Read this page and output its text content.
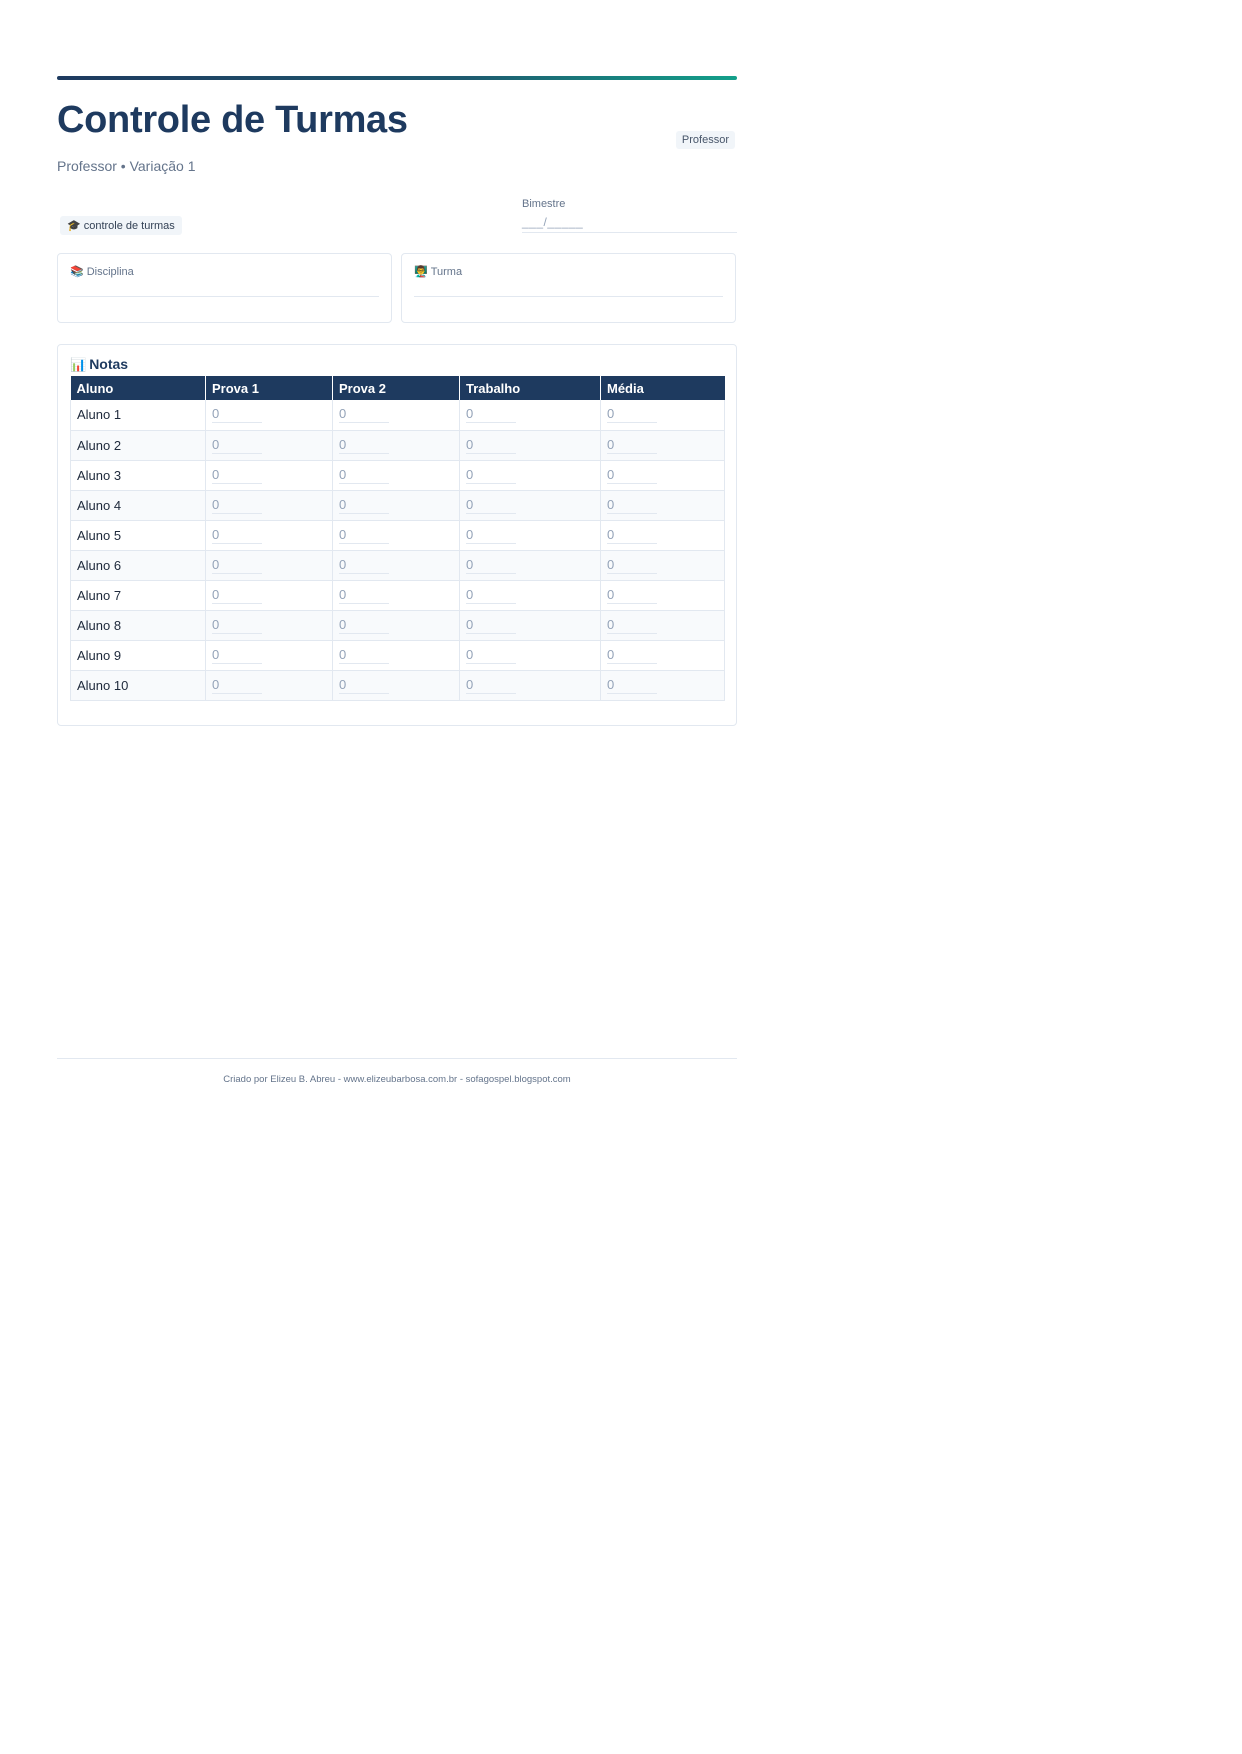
Controle de Turmas	Professor
Professor • Variação 1
🎓 controle de turmas
Bimestre
___/_____
📚 Disciplina	👨‍🏫 Turma
📊 Notas
Aluno	Prova 1	Prova 2	Trabalho	Média
Aluno 1	0	0	0	0
Aluno 2	0	0	0	0
Aluno 3	0	0	0	0
Aluno 4	0	0	0	0
Aluno 5	0	0	0	0
Aluno 6	0	0	0	0
Aluno 7	0	0	0	0
Aluno 8	0	0	0	0
Aluno 9	0	0	0	0
Aluno 10	0	0	0	0

Criado por Elizeu B. Abreu - www.elizeubarbosa.com.br - sofagospel.blogspot.com
